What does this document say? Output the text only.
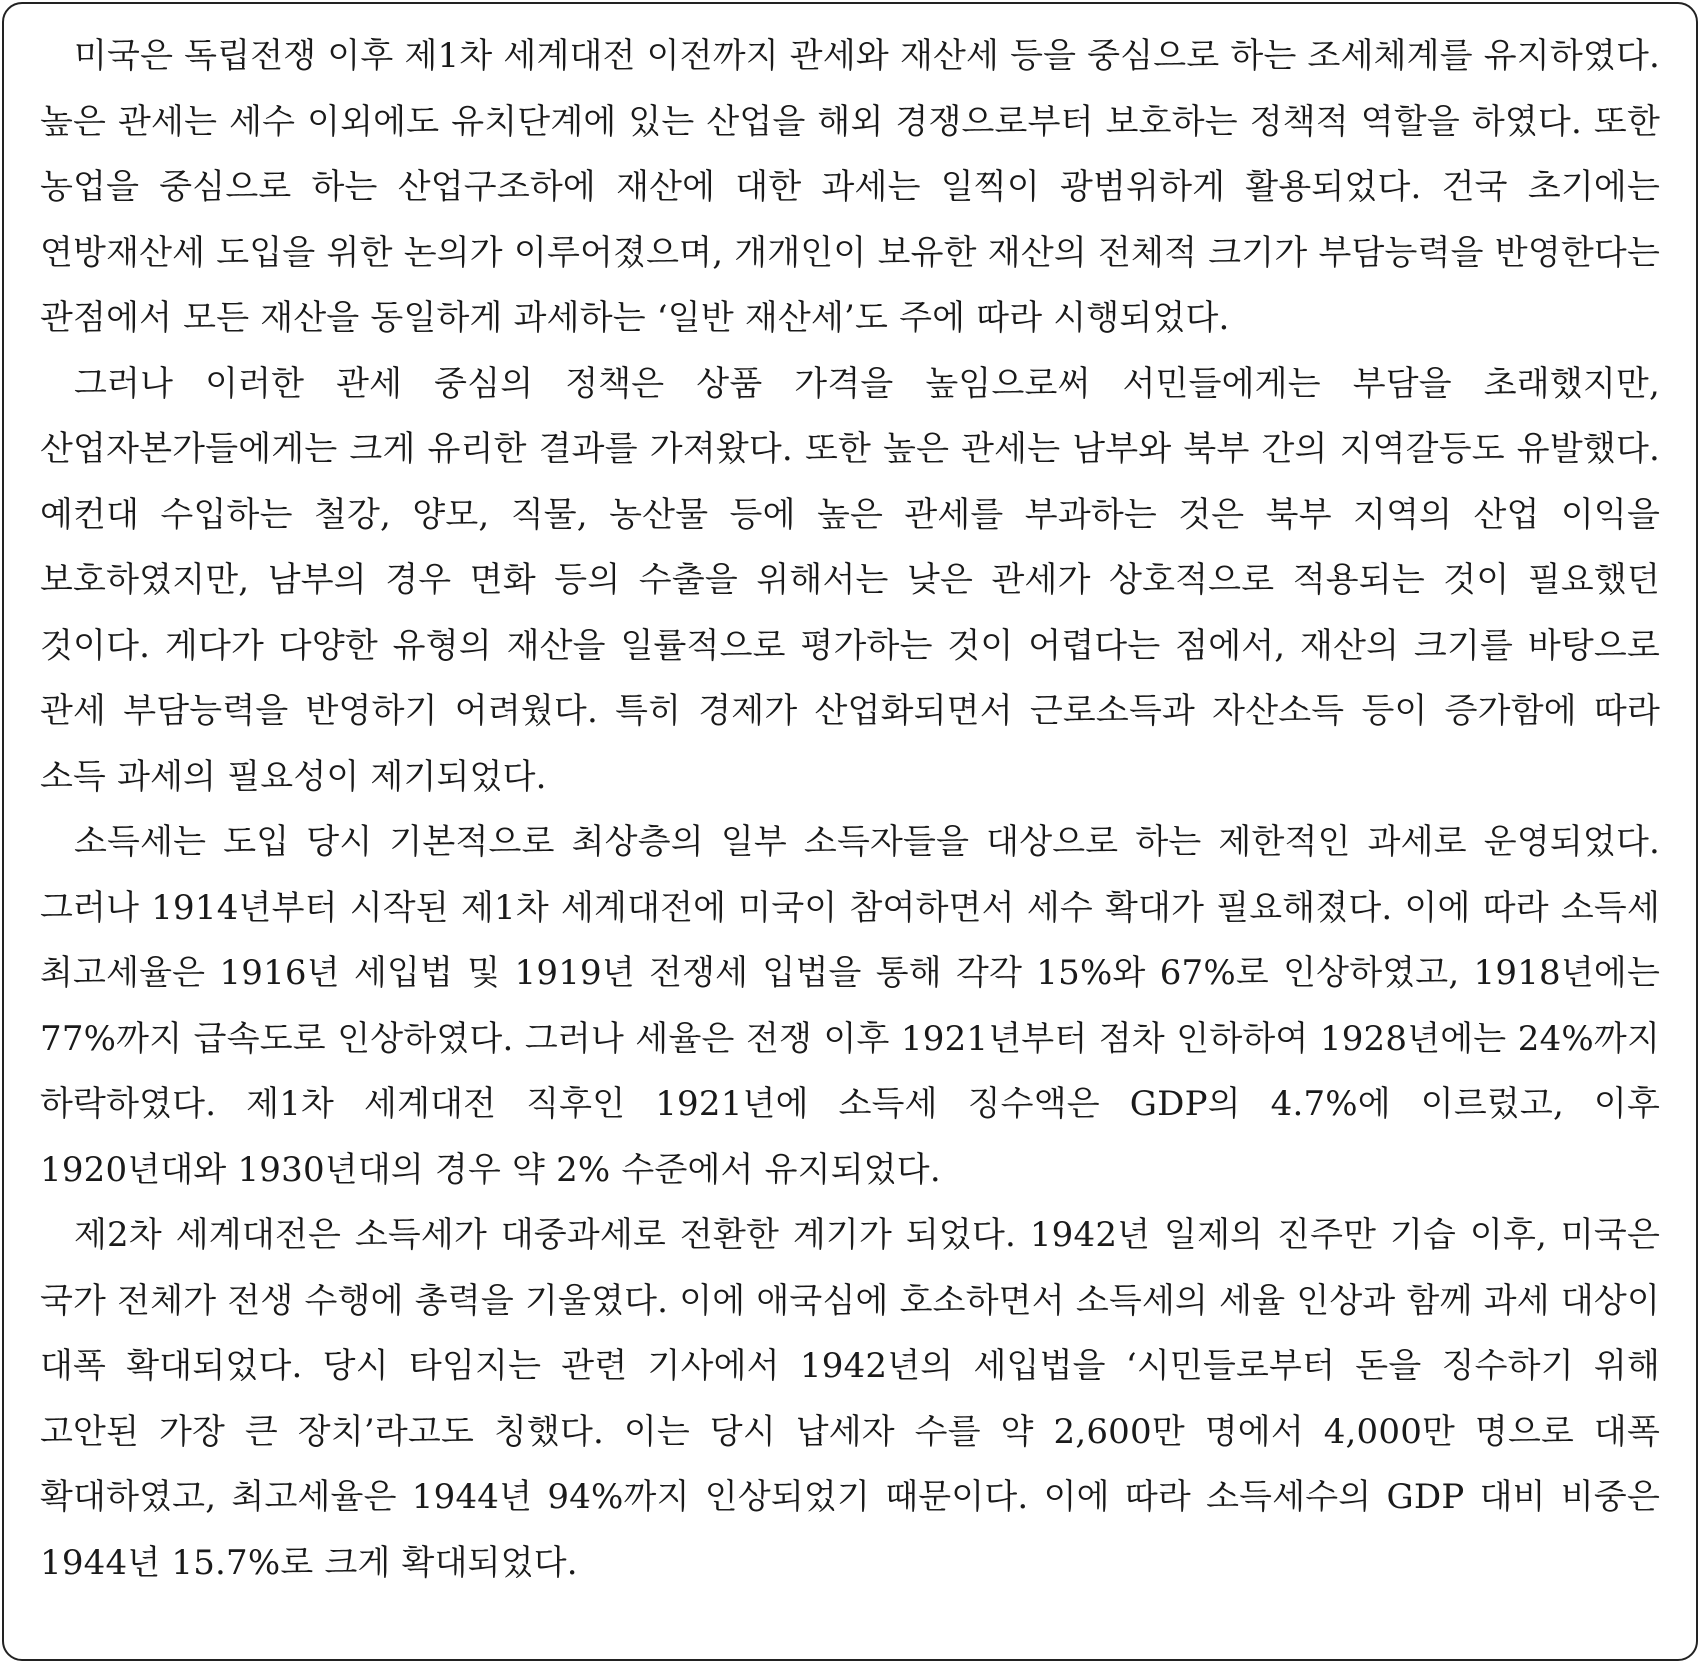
미국은 독립전쟁 이후 제1차 세계대전 이전까지 관세와 재산세 등을 중심으로 하는 조세체계를 유지하였다. 높은 관세는 세수 이외에도 유치단계에 있는 산업을 해외 경쟁으로부터 보호하는 정책적 역할을 하였다. 또한 농업을 중심으로 하는 산업구조하에 재산에 대한 과세는 일찍이 광범위하게 활용되었다. 건국 초기에는 연방재산세 도입을 위한 논의가 이루어졌으며, 개개인이 보유한 재산의 전체적 크기가 부담능력을 반영한다는 관점에서 모든 재산을 동일하게 과세하는 ‘일반 재산세’도 주에 따라 시행되었다.

그러나 이러한 관세 중심의 정책은 상품 가격을 높임으로써 서민들에게는 부담을 초래했지만, 산업자본가들에게는 크게 유리한 결과를 가져왔다. 또한 높은 관세는 남부와 북부 간의 지역갈등도 유발했다. 예컨대 수입하는 철강, 양모, 직물, 농산물 등에 높은 관세를 부과하는 것은 북부 지역의 산업 이익을 보호하였지만, 남부의 경우 면화 등의 수출을 위해서는 낮은 관세가 상호적으로 적용되는 것이 필요했던 것이다. 게다가 다양한 유형의 재산을 일률적으로 평가하는 것이 어렵다는 점에서, 재산의 크기를 바탕으로 관세 부담능력을 반영하기 어려웠다. 특히 경제가 산업화되면서 근로소득과 자산소득 등이 증가함에 따라 소득 과세의 필요성이 제기되었다.

소득세는 도입 당시 기본적으로 최상층의 일부 소득자들을 대상으로 하는 제한적인 과세로 운영되었다. 그러나 1914년부터 시작된 제1차 세계대전에 미국이 참여하면서 세수 확대가 필요해졌다. 이에 따라 소득세 최고세율은 1916년 세입법 및 1919년 전쟁세 입법을 통해 각각 15%와 67%로 인상하였고, 1918년에는 77%까지 급속도로 인상하였다. 그러나 세율은 전쟁 이후 1921년부터 점차 인하하여 1928년에는 24%까지 하락하였다. 제1차 세계대전 직후인 1921년에 소득세 징수액은 GDP의 4.7%에 이르렀고, 이후 1920년대와 1930년대의 경우 약 2% 수준에서 유지되었다.

제2차 세계대전은 소득세가 대중과세로 전환한 계기가 되었다. 1942년 일제의 진주만 기습 이후, 미국은 국가 전체가 전생 수행에 총력을 기울였다. 이에 애국심에 호소하면서 소득세의 세율 인상과 함께 과세 대상이 대폭 확대되었다. 당시 타임지는 관련 기사에서 1942년의 세입법을 ‘시민들로부터 돈을 징수하기 위해 고안된 가장 큰 장치’라고도 칭했다. 이는 당시 납세자 수를 약 2,600만 명에서 4,000만 명으로 대폭 확대하였고, 최고세율은 1944년 94%까지 인상되었기 때문이다. 이에 따라 소득세수의 GDP 대비 비중은 1944년 15.7%로 크게 확대되었다.
